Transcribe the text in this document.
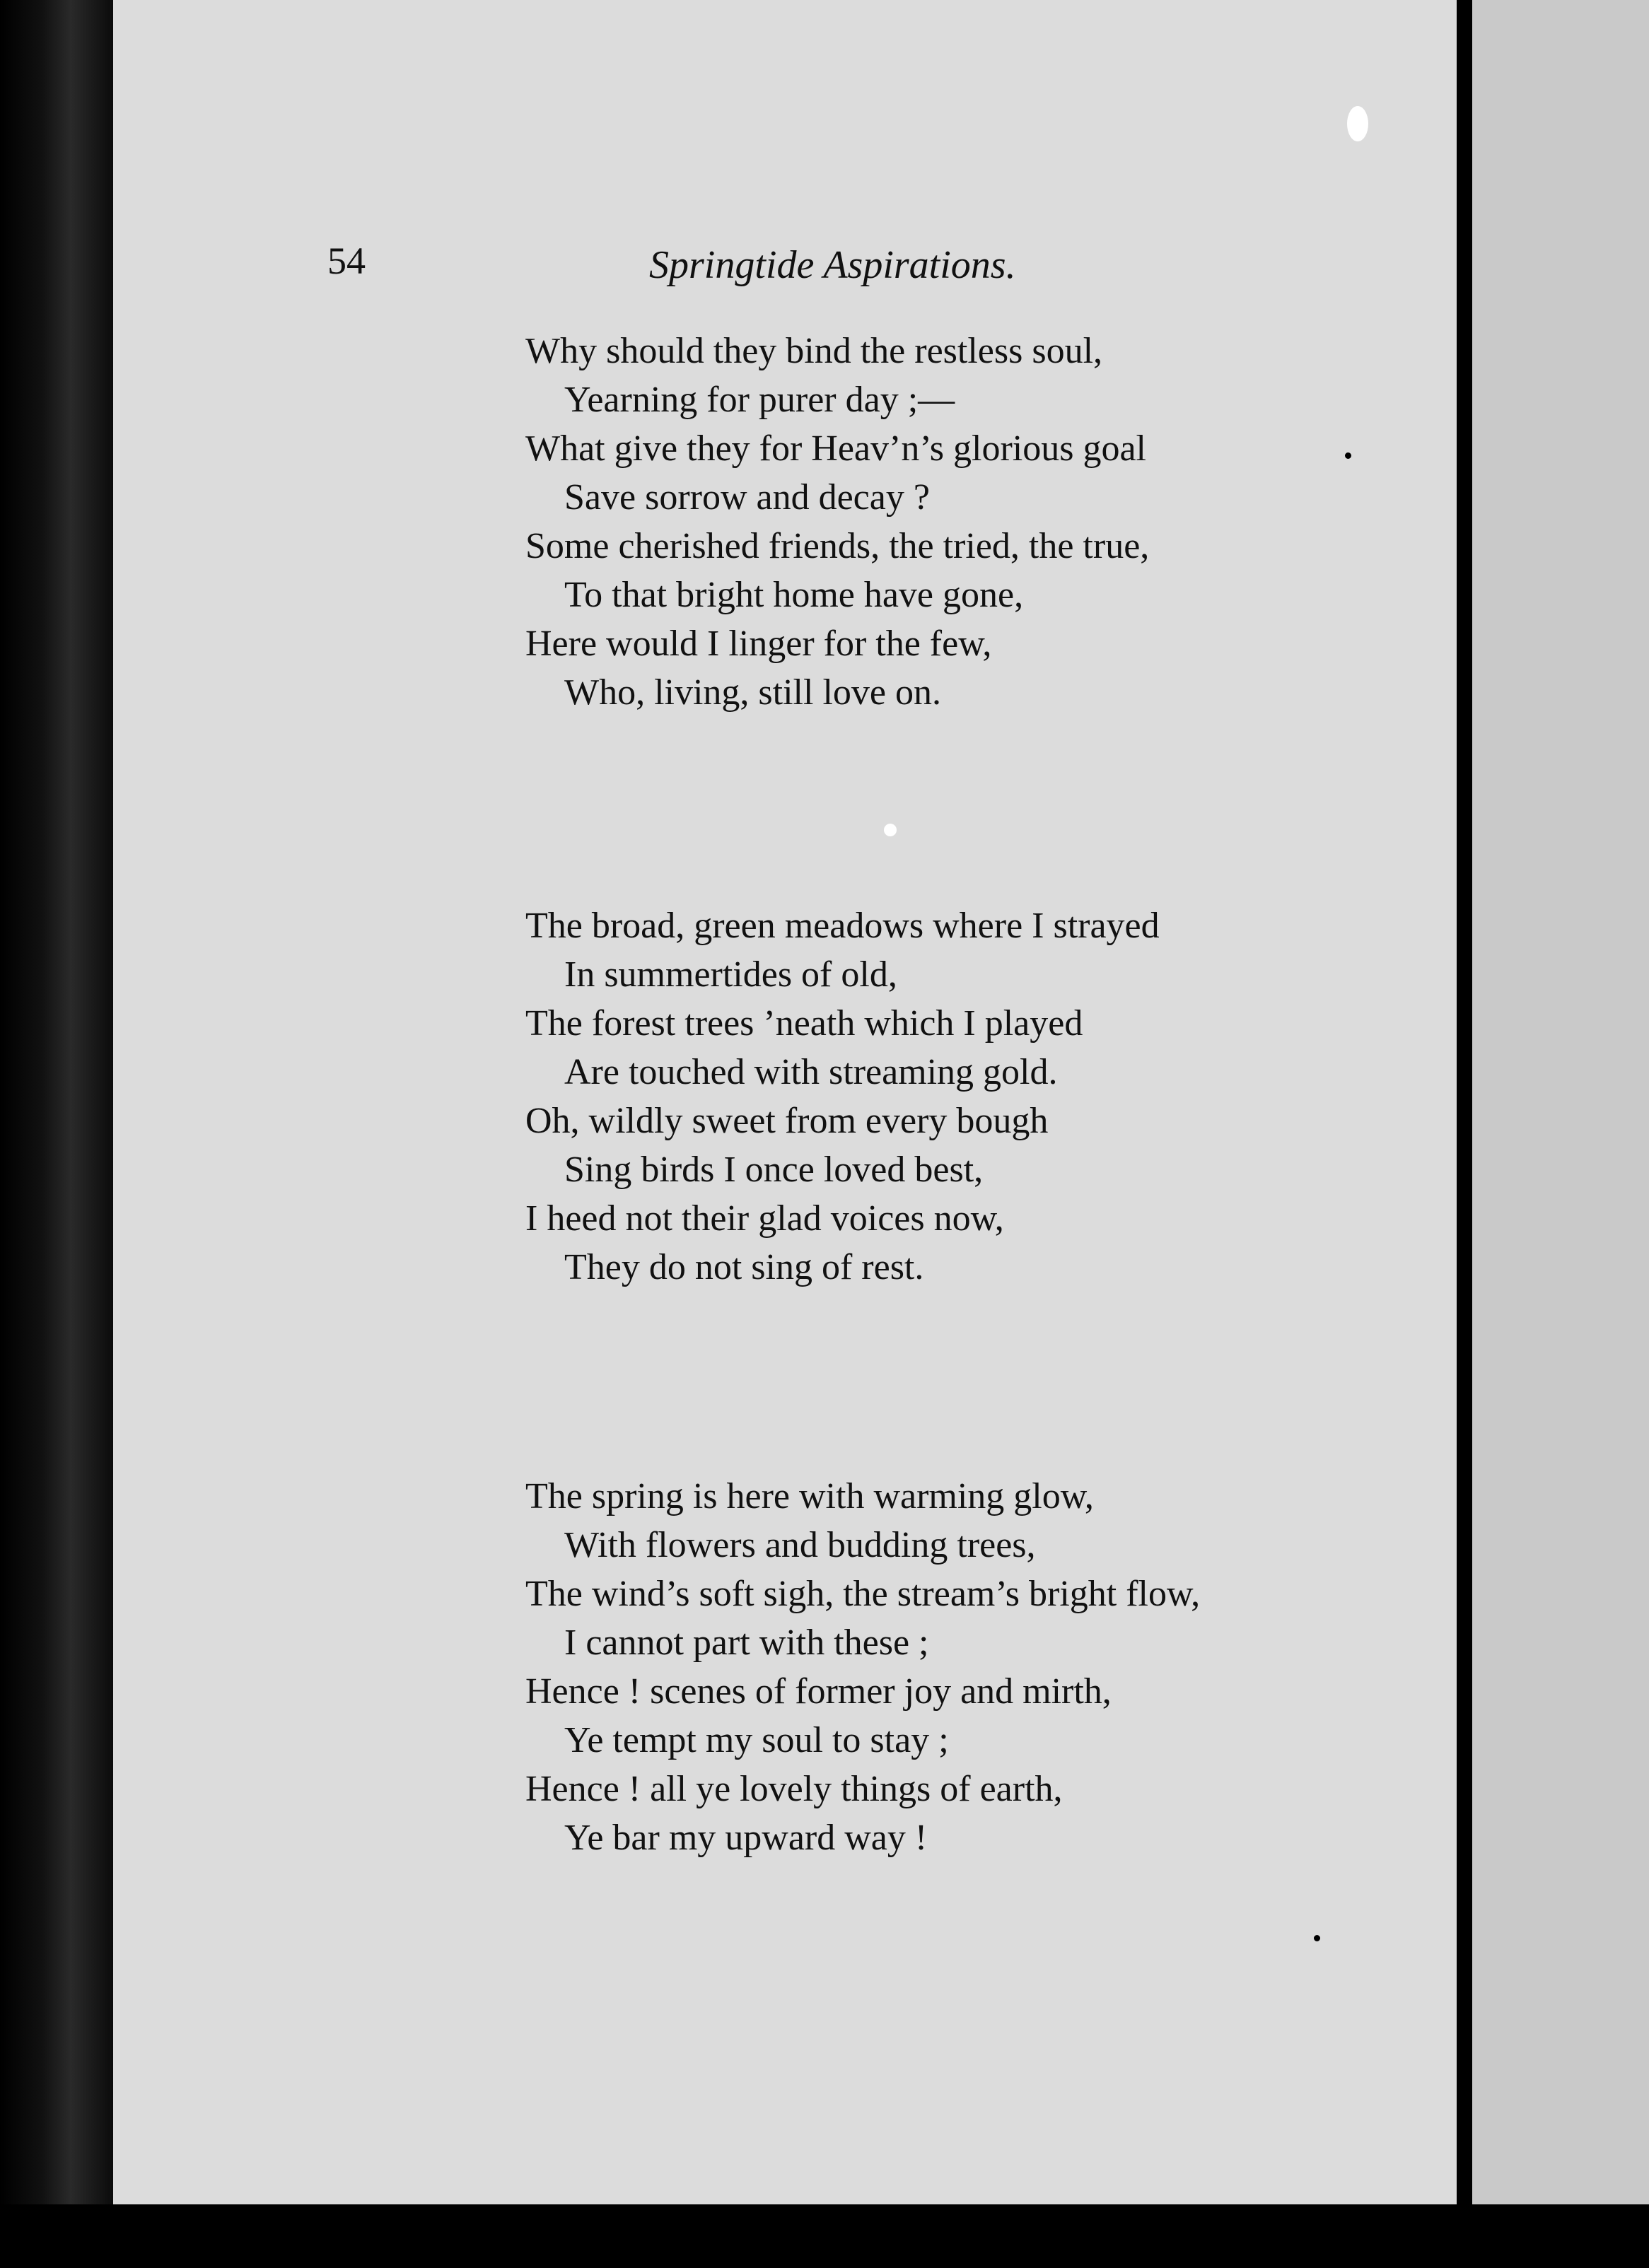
54	Springtide Aspirations.

Why should they bind the restless soul,
Yearning for purer day ;—
What give they for Heav’n’s glorious goal
Save sorrow and decay ?
Some cherished friends, the tried, the true,
To that bright home have gone,
Here would I linger for the few,
Who, living, still love on.
The broad, green meadows where I strayed
In summertides of old,
The forest trees ’neath which I played
Are touched with streaming gold.
Oh, wildly sweet from every bough
Sing birds I once loved best,
I heed not their glad voices now,
They do not sing of rest.
The spring is here with warming glow,
With flowers and budding trees,
The wind’s soft sigh, the stream’s bright flow,
I cannot part with these ;
Hence ! scenes of former joy and mirth,
Ye tempt my soul to stay ;
Hence ! all ye lovely things of earth,
Ye bar my upward way !
